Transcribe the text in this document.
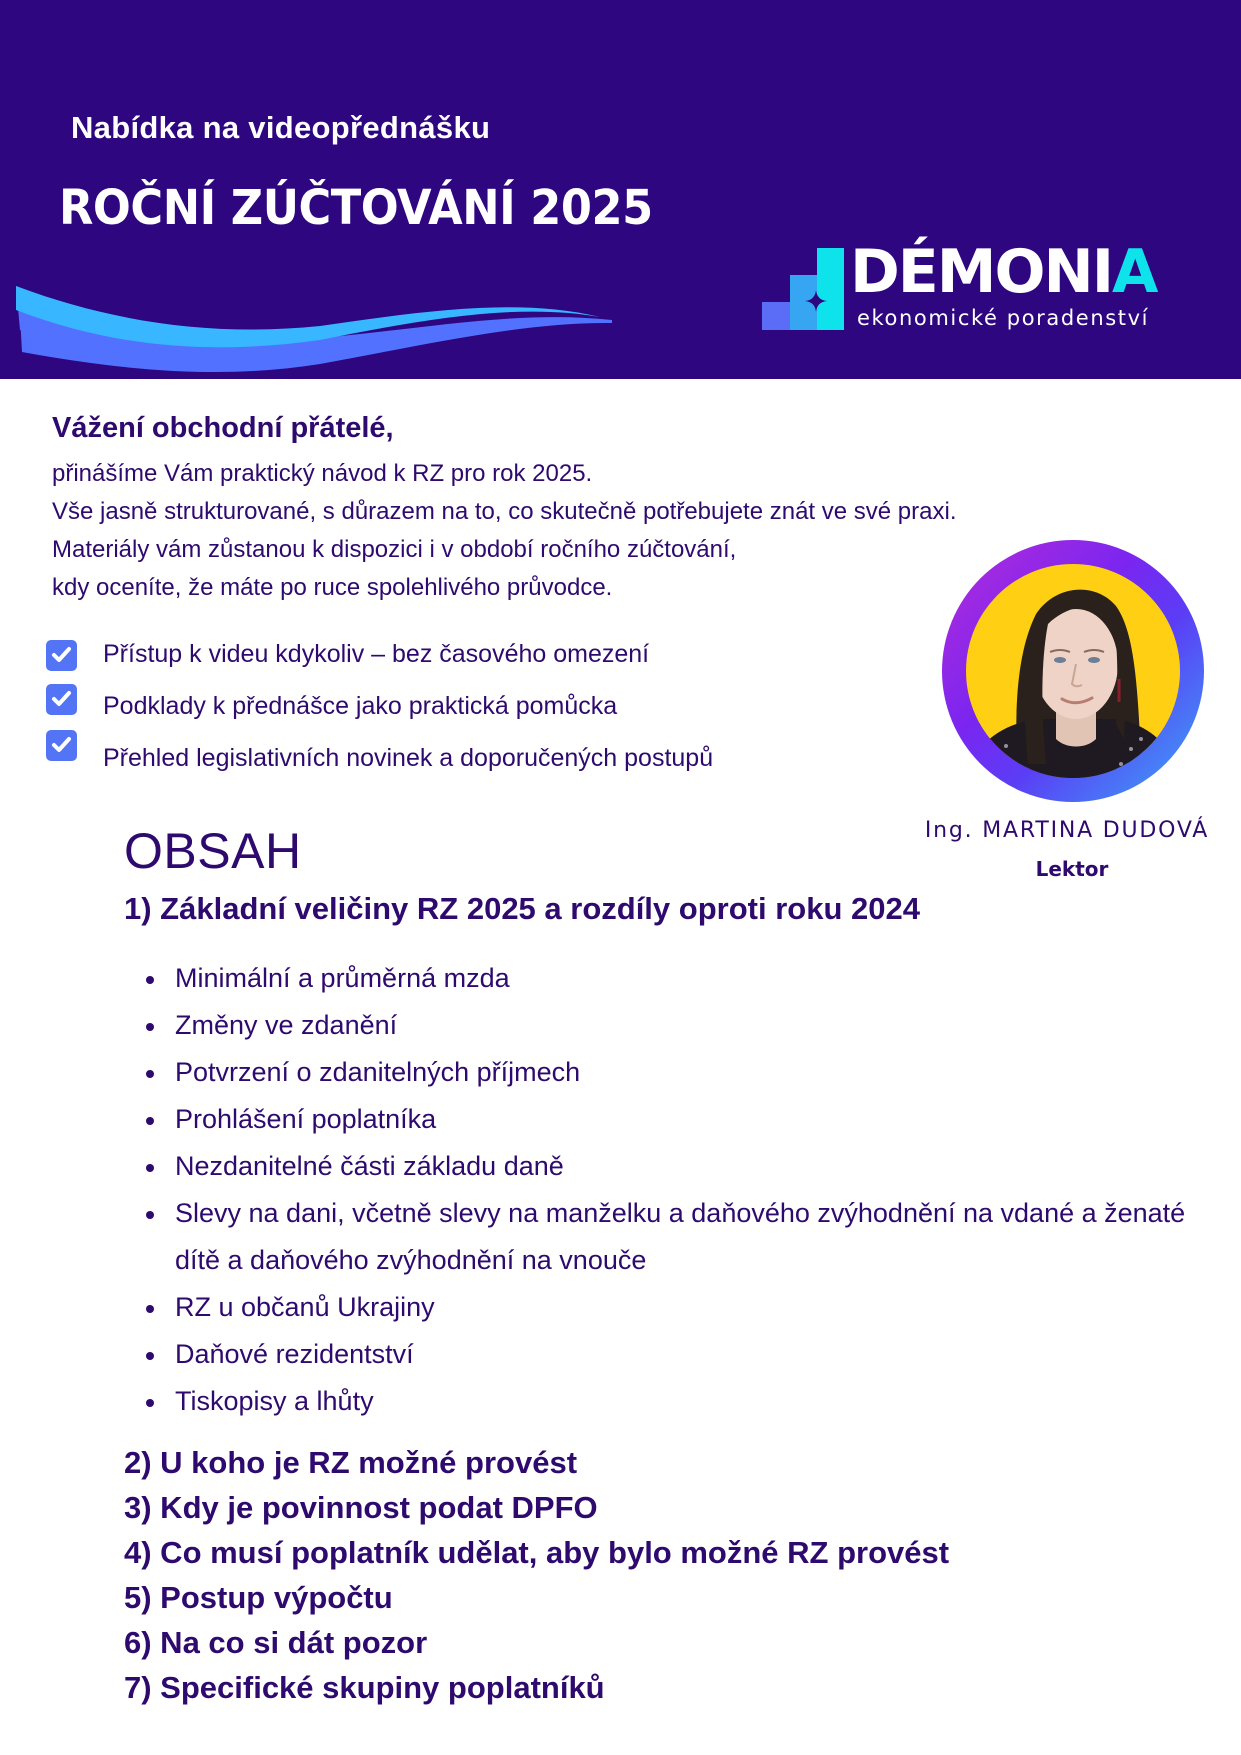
Nabídka na videopřednášku
ROČNÍ ZÚČTOVÁNÍ 2025
DÉMONIA
ekonomické poradenství
Vážení obchodní přátelé,
přinášíme Vám praktický návod k RZ pro rok 2025.
Vše jasně strukturované, s důrazem na to, co skutečně potřebujete znát ve své praxi.
Materiály vám zůstanou k dispozici i v období ročního zúčtování,
kdy oceníte, že máte po ruce spolehlivého průvodce.
Přístup k videu kdykoliv – bez časového omezení
Podklady k přednášce jako praktická pomůcka
Přehled legislativních novinek a doporučených postupů
Ing. MARTINA DUDOVÁ
Lektor
OBSAH
1) Základní veličiny RZ 2025 a rozdíly oproti roku 2024
Minimální a průměrná mzda
Změny ve zdanění
Potvrzení o zdanitelných příjmech
Prohlášení poplatníka
Nezdanitelné části základu daně
Slevy na dani, včetně slevy na manželku a daňového zvýhodnění na vdané a ženaté dítě a daňového zvýhodnění na vnouče
RZ u občanů Ukrajiny
Daňové rezidentství
Tiskopisy a lhůty
2) U koho je RZ možné provést
3) Kdy je povinnost podat DPFO
4) Co musí poplatník udělat, aby bylo možné RZ provést
5) Postup výpočtu
6) Na co si dát pozor
7) Specifické skupiny poplatníků
